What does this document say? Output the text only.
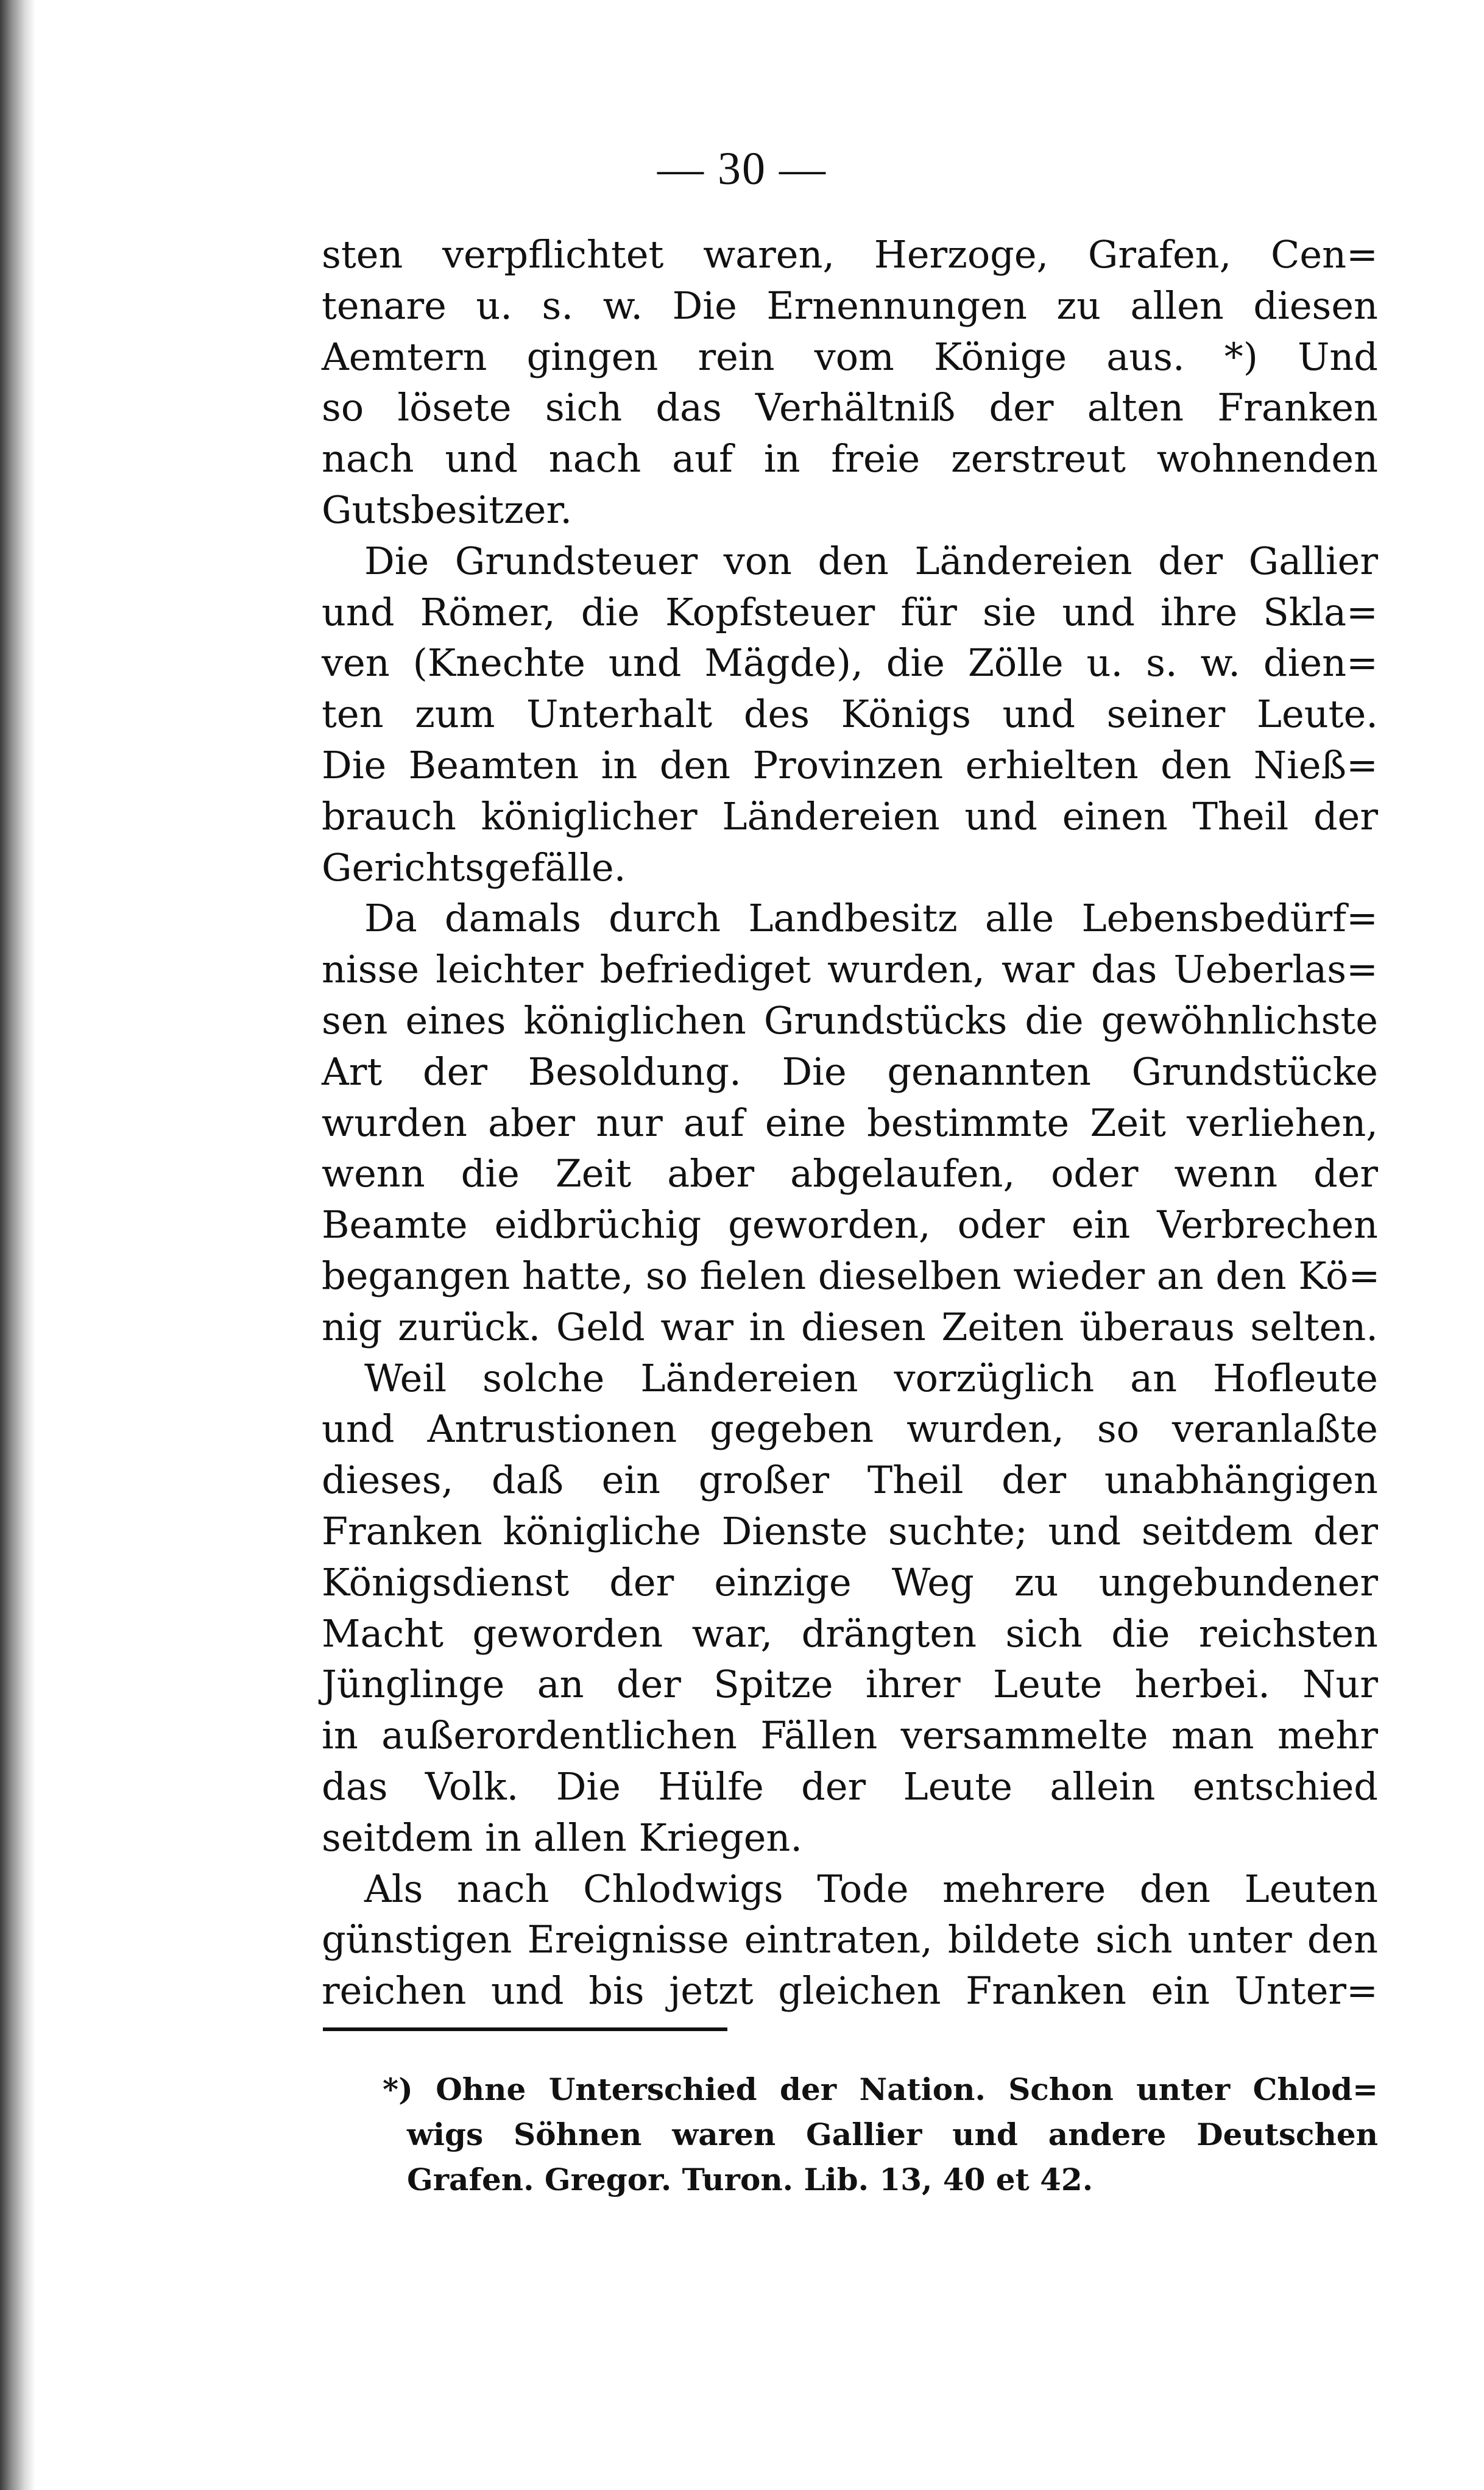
— 30 —
sten verpflichtet waren, Herzoge, Grafen, Cen=
tenare u. s. w. Die Ernennungen zu allen diesen
Aemtern gingen rein vom Könige aus. *) Und
so lösete sich das Verhältniß der alten Franken
nach und nach auf in freie zerstreut wohnenden
Gutsbesitzer.
Die Grundsteuer von den Ländereien der Gallier
und Römer, die Kopfsteuer für sie und ihre Skla=
ven (Knechte und Mägde), die Zölle u. s. w. dien=
ten zum Unterhalt des Königs und seiner Leute.
Die Beamten in den Provinzen erhielten den Nieß=
brauch königlicher Ländereien und einen Theil der
Gerichtsgefälle.
Da damals durch Landbesitz alle Lebensbedürf=
nisse leichter befriediget wurden, war das Ueberlas=
sen eines königlichen Grundstücks die gewöhnlichste
Art der Besoldung. Die genannten Grundstücke
wurden aber nur auf eine bestimmte Zeit verliehen,
wenn die Zeit aber abgelaufen, oder wenn der
Beamte eidbrüchig geworden, oder ein Verbrechen
begangen hatte, so fielen dieselben wieder an den Kö=
nig zurück. Geld war in diesen Zeiten überaus selten.
Weil solche Ländereien vorzüglich an Hofleute
und Antrustionen gegeben wurden, so veranlaßte
dieses, daß ein großer Theil der unabhängigen
Franken königliche Dienste suchte; und seitdem der
Königsdienst der einzige Weg zu ungebundener
Macht geworden war, drängten sich die reichsten
Jünglinge an der Spitze ihrer Leute herbei. Nur
in außerordentlichen Fällen versammelte man mehr
das Volk. Die Hülfe der Leute allein entschied
seitdem in allen Kriegen.
Als nach Chlodwigs Tode mehrere den Leuten
günstigen Ereignisse eintraten, bildete sich unter den
reichen und bis jetzt gleichen Franken ein Unter=
*) Ohne Unterschied der Nation. Schon unter Chlod=
wigs Söhnen waren Gallier und andere Deutschen
Grafen. Gregor. Turon. Lib. 13, 40 et 42.
